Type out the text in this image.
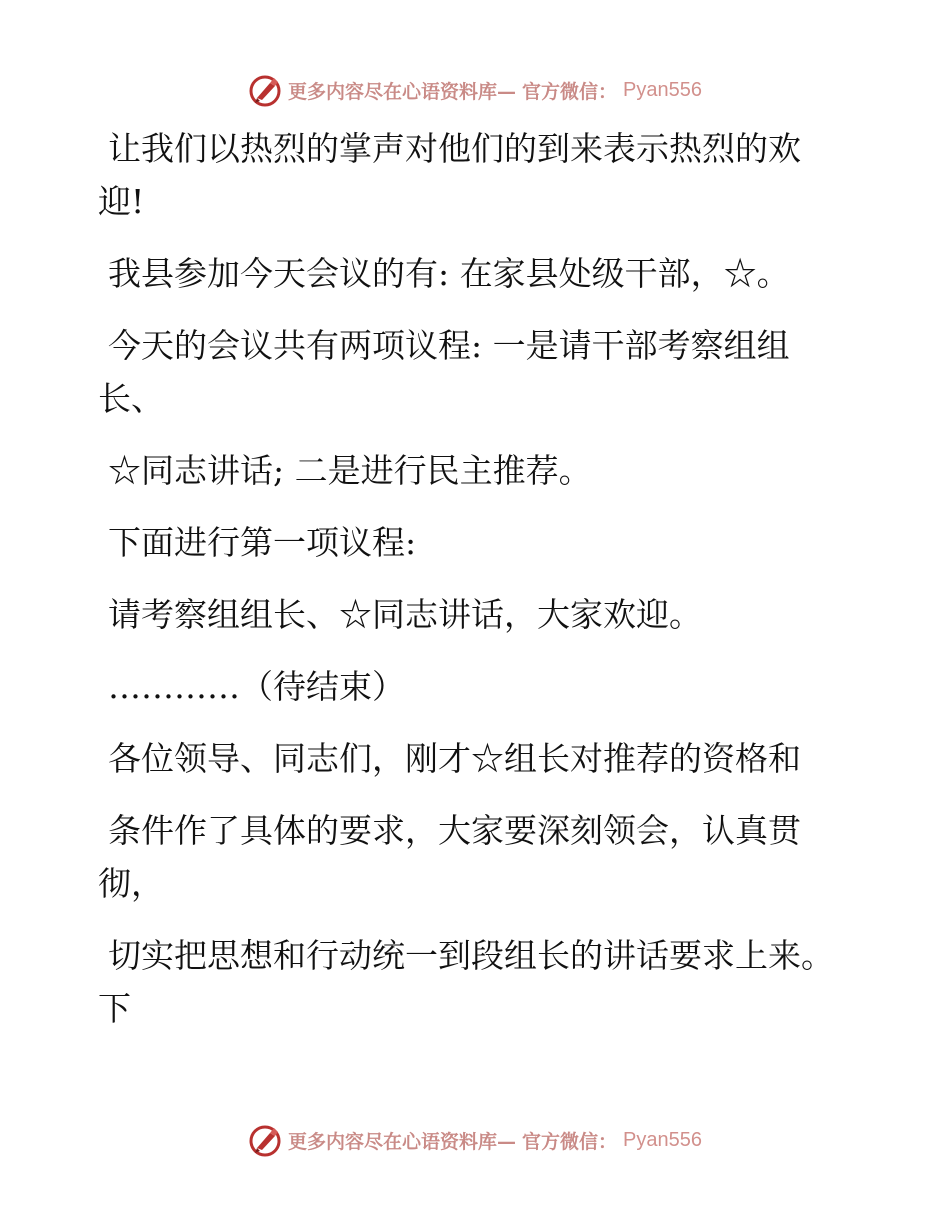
更多内容尽在心语资料库— 官方微信： Pyan556

让我们以热烈的掌声对他们的到来表示热烈的欢迎!

我县参加今天会议的有: 在家县处级干部，☆。

今天的会议共有两项议程: 一是请干部考察组组长、

☆同志讲话; 二是进行民主推荐。

下面进行第一项议程:

请考察组组长、☆同志讲话，大家欢迎。

…………（待结束）

各位领导、同志们，刚才☆组长对推荐的资格和

条件作了具体的要求，大家要深刻领会，认真贯彻，

切实把思想和行动统一到段组长的讲话要求上来。下

更多内容尽在心语资料库— 官方微信： Pyan556
